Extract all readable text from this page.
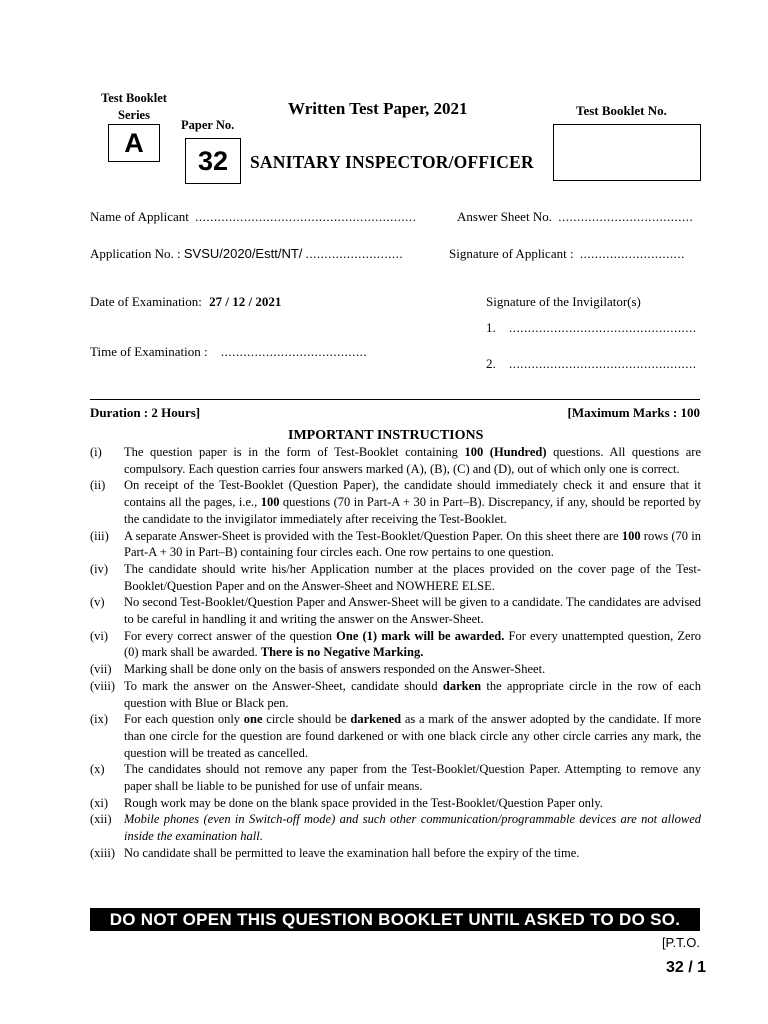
Test Booklet
Series
A
Paper No.
32
Written Test Paper, 2021
SANITARY INSPECTOR/OFFICER
Test Booklet No.
Name of Applicant ...........................................................	Answer Sheet No. ....................................
Application No. : SVSU/2020/Estt/NT/ ..........................	Signature of Applicant : ............................
Date of Examination: 27 / 12 / 2021	Signature of the Invigilator(s)
1. ..................................................
Time of Examination : .......................................
2. ..................................................
Duration : 2 Hours]	[Maximum Marks : 100
IMPORTANT INSTRUCTIONS
(i)	The question paper is in the form of Test-Booklet containing 100 (Hundred) questions. All questions are compulsory. Each question carries four answers marked (A), (B), (C) and (D), out of which only one is correct.
(ii)	On receipt of the Test-Booklet (Question Paper), the candidate should immediately check it and ensure that it contains all the pages, i.e., 100 questions (70 in Part-A + 30 in Part–B). Discrepancy, if any, should be reported by the candidate to the invigilator immediately after receiving the Test-Booklet.
(iii)	A separate Answer-Sheet is provided with the Test-Booklet/Question Paper. On this sheet there are 100 rows (70 in Part-A + 30 in Part–B) containing four circles each. One row pertains to one question.
(iv)	The candidate should write his/her Application number at the places provided on the cover page of the Test-Booklet/Question Paper and on the Answer-Sheet and NOWHERE ELSE.
(v)	No second Test-Booklet/Question Paper and Answer-Sheet will be given to a candidate. The candidates are advised to be careful in handling it and writing the answer on the Answer-Sheet.
(vi)	For every correct answer of the question One (1) mark will be awarded. For every unattempted question, Zero (0) mark shall be awarded. There is no Negative Marking.
(vii) Marking shall be done only on the basis of answers responded on the Answer-Sheet.
(viii) To mark the answer on the Answer-Sheet, candidate should darken the appropriate circle in the row of each question with Blue or Black pen.
(ix)	For each question only one circle should be darkened as a mark of the answer adopted by the candidate. If more than one circle for the question are found darkened or with one black circle any other circle carries any mark, the question will be treated as cancelled.
(x)	The candidates should not remove any paper from the Test-Booklet/Question Paper. Attempting to remove any paper shall be liable to be punished for use of unfair means.
(xi)	Rough work may be done on the blank space provided in the Test-Booklet/Question Paper only.
(xii) Mobile phones (even in Switch-off mode) and such other communication/programmable devices are not allowed inside the examination hall.
(xiii) No candidate shall be permitted to leave the examination hall before the expiry of the time.
DO NOT OPEN THIS QUESTION BOOKLET UNTIL ASKED TO DO SO.
[P.T.O.
32 / 1
